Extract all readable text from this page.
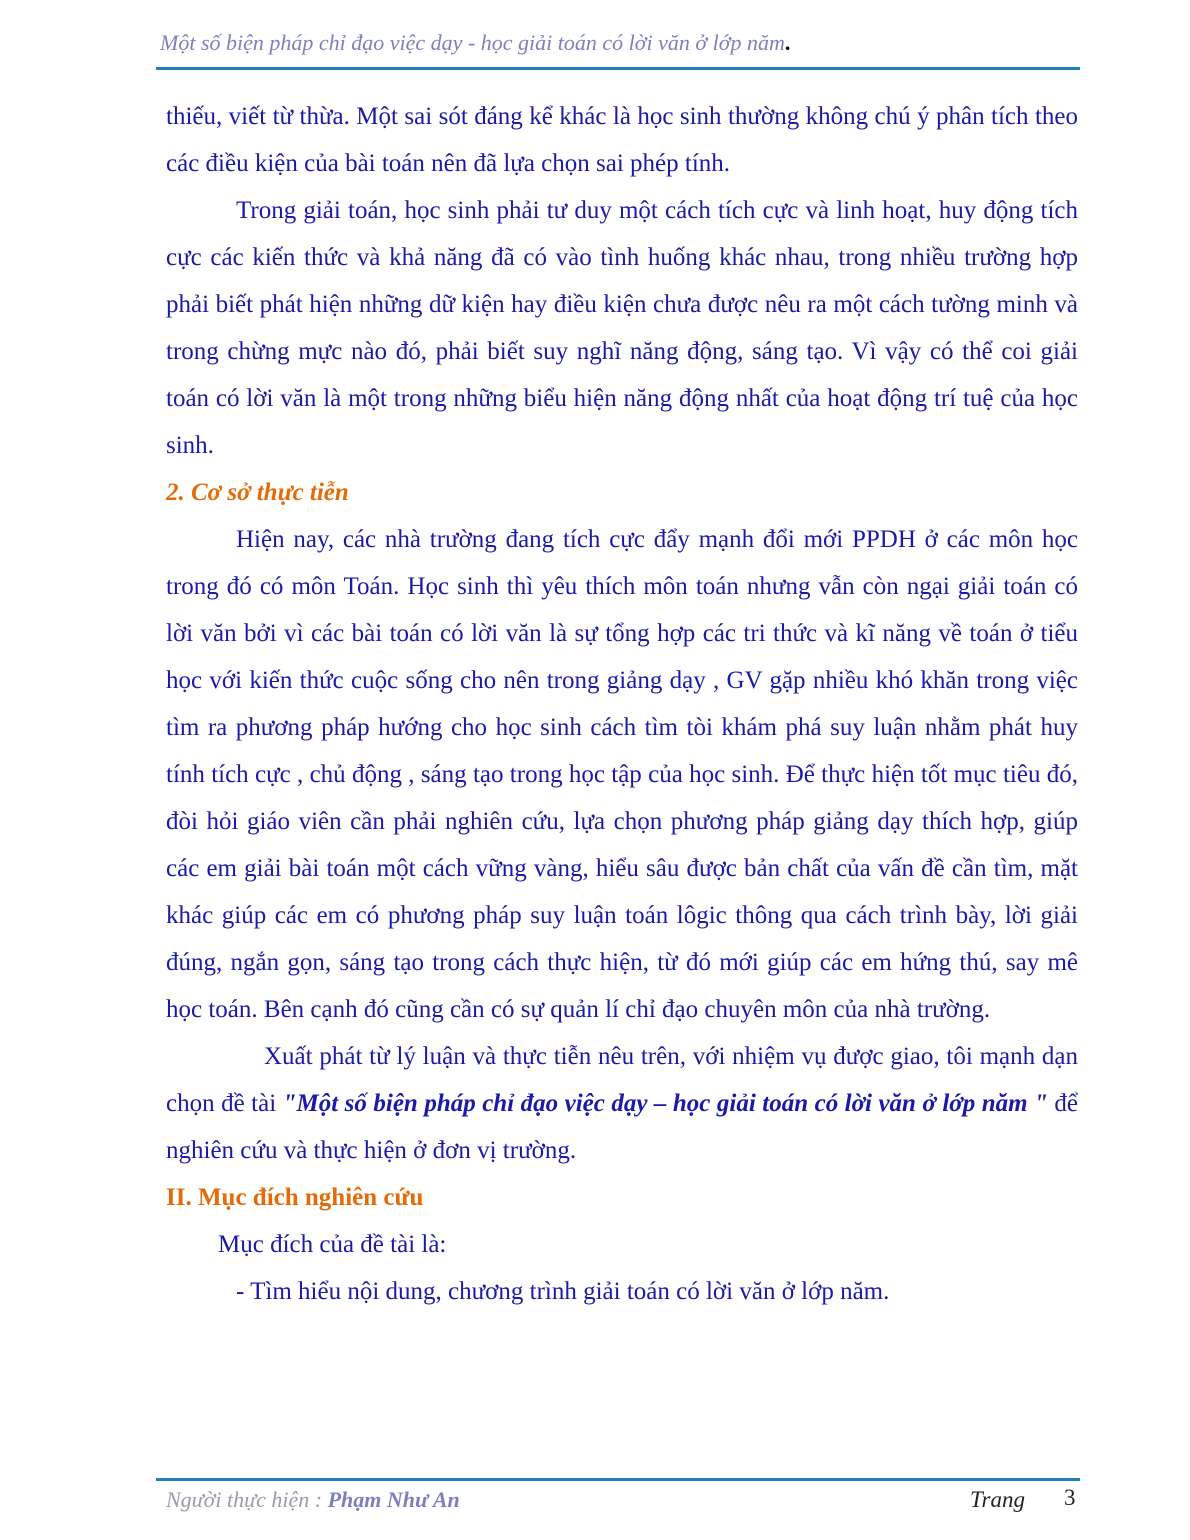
Một số biện pháp chỉ đạo việc dạy - học giải toán có lời văn ở lớp năm.

thiếu, viết từ thừa. Một sai sót đáng kể khác là học sinh thường không chú ý phân tích theo các điều kiện của bài toán nên đã lựa chọn sai phép tính.

Trong giải toán, học sinh phải tư duy một cách tích cực và linh hoạt, huy động tích cực các kiến thức và khả năng đã có vào tình huống khác nhau, trong nhiều trường hợp phải biết phát hiện những dữ kiện hay điều kiện chưa được nêu ra một cách tường minh và trong chừng mực nào đó, phải biết suy nghĩ năng động, sáng tạo. Vì vậy có thể coi giải toán có lời văn là một trong những biểu hiện năng động nhất của hoạt động trí tuệ của học sinh.

2. Cơ sở thực tiễn

Hiện nay, các nhà trường đang tích cực đẩy mạnh đổi mới PPDH ở các môn học trong đó có môn Toán. Học sinh thì yêu thích môn toán nhưng vẫn còn ngại giải toán có lời văn bởi vì các bài toán có lời văn là sự tổng hợp các tri thức và kĩ năng về toán ở tiểu học với kiến thức cuộc sống cho nên trong giảng dạy , GV gặp nhiều khó khăn trong việc tìm ra phương pháp hướng cho học sinh cách tìm tòi khám phá suy luận nhằm phát huy tính tích cực , chủ động , sáng tạo trong học tập của học sinh. Để thực hiện tốt mục tiêu đó, đòi hỏi giáo viên cần phải nghiên cứu, lựa chọn phương pháp giảng dạy thích hợp, giúp các em giải bài toán một cách vững vàng, hiểu sâu được bản chất của vấn đề cần tìm, mặt khác giúp các em có phương pháp suy luận toán lôgic thông qua cách trình bày, lời giải đúng, ngắn gọn, sáng tạo trong cách thực hiện, từ đó mới giúp các em hứng thú, say mê học toán. Bên cạnh đó cũng cần có sự quản lí chỉ đạo chuyên môn của nhà trường.

Xuất phát từ lý luận và thực tiễn nêu trên, với nhiệm vụ được giao, tôi mạnh dạn chọn đề tài "Một số biện pháp chỉ đạo việc dạy – học giải toán có lời văn ở lớp năm " để nghiên cứu và thực hiện ở đơn vị trường.

II. Mục đích nghiên cứu

Mục đích của đề tài là:

- Tìm hiểu nội dung, chương trình giải toán có lời văn ở lớp năm.

Người thực hiện : Phạm Như An	Trang 3
